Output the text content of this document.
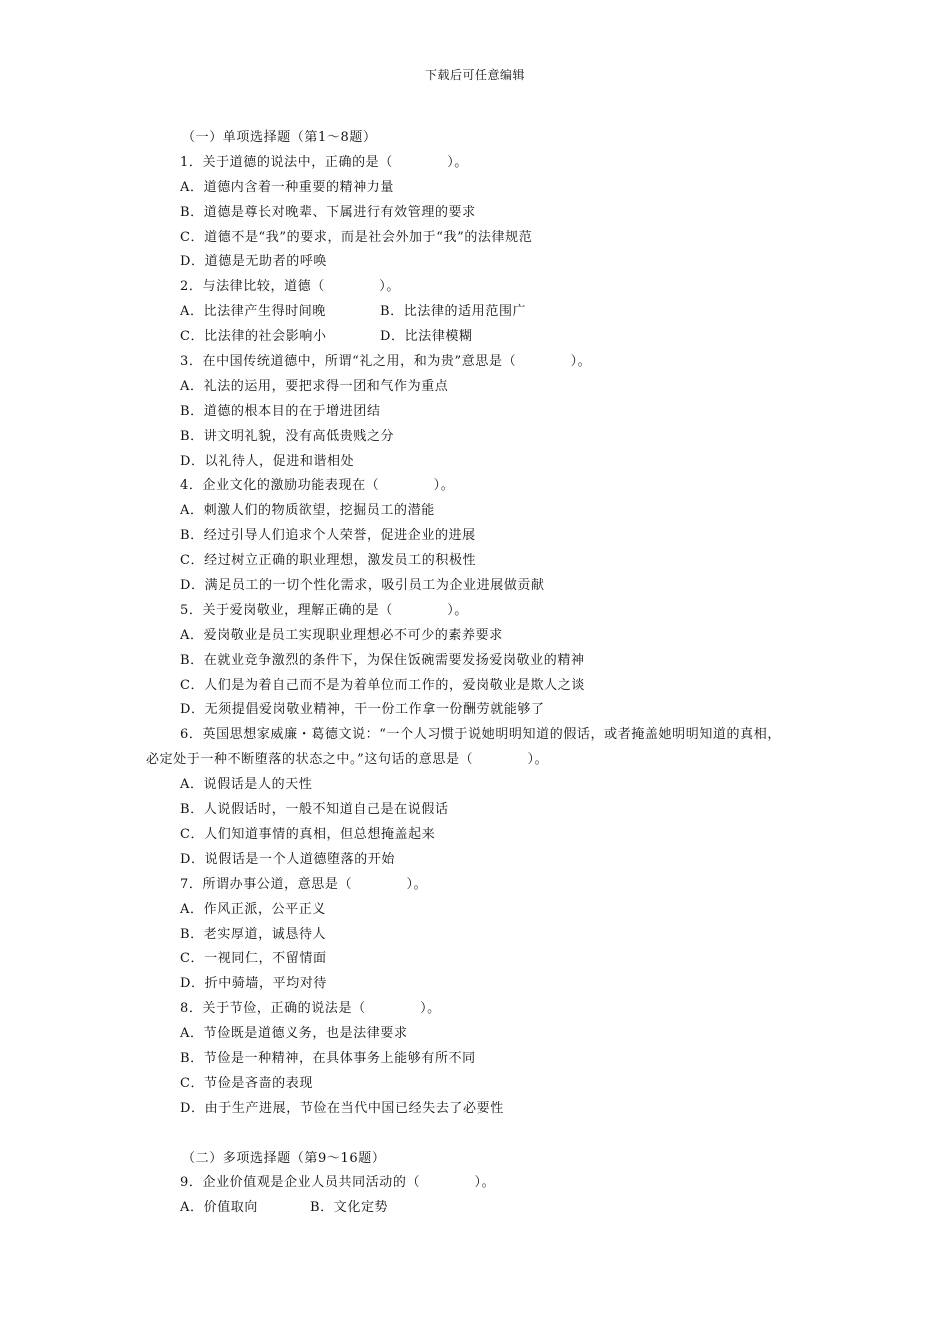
下载后可任意编辑
（一）单项选择题（第1～8题）
1．关于道德的说法中，正确的是（　　　　）。
A．道德内含着一种重要的精神力量
B．道德是尊长对晚辈、下属进行有效管理的要求
C．道德不是“我”的要求，而是社会外加于“我”的法律规范
D．道德是无助者的呼唤
2．与法律比较，道德（　　　　）。
A．比法律产生得时间晚	B．比法律的适用范围广
C．比法律的社会影响小	D．比法律模糊
3．在中国传统道德中，所谓“礼之用，和为贵”意思是（　　　　）。
A．礼法的运用，要把求得一团和气作为重点
B．道德的根本目的在于增进团结
B．讲文明礼貌，没有高低贵贱之分
D．以礼待人，促进和谐相处
4．企业文化的激励功能表现在（　　　　）。
A．刺激人们的物质欲望，挖掘员工的潜能
B．经过引导人们追求个人荣誉，促进企业的进展
C．经过树立正确的职业理想，激发员工的积极性
D．满足员工的一切个性化需求，吸引员工为企业进展做贡献
5．关于爱岗敬业，理解正确的是（　　　　）。
A．爱岗敬业是员工实现职业理想必不可少的素养要求
B．在就业竞争激烈的条件下，为保住饭碗需要发扬爱岗敬业的精神
C．人们是为着自己而不是为着单位而工作的，爱岗敬业是欺人之谈
D．无须提倡爱岗敬业精神，干一份工作拿一份酬劳就能够了
6．英国思想家威廉・葛德文说：“一个人习惯于说她明明知道的假话，或者掩盖她明明知道的真相，
必定处于一种不断堕落的状态之中。”这句话的意思是（　　　　）。
A．说假话是人的天性
B．人说假话时，一般不知道自己是在说假话
C．人们知道事情的真相，但总想掩盖起来
D．说假话是一个人道德堕落的开始
7．所谓办事公道，意思是（　　　　）。
A．作风正派，公平正义
B．老实厚道，诚恳待人
C．一视同仁，不留情面
D．折中骑墙，平均对待
8．关于节俭，正确的说法是（　　　　）。
A．节俭既是道德义务，也是法律要求
B．节俭是一种精神，在具体事务上能够有所不同
C．节俭是吝啬的表现
D．由于生产进展，节俭在当代中国已经失去了必要性
（二）多项选择题（第9～16题）
9．企业价值观是企业人员共同活动的（　　　　）。
A．价值取向	B．文化定势
